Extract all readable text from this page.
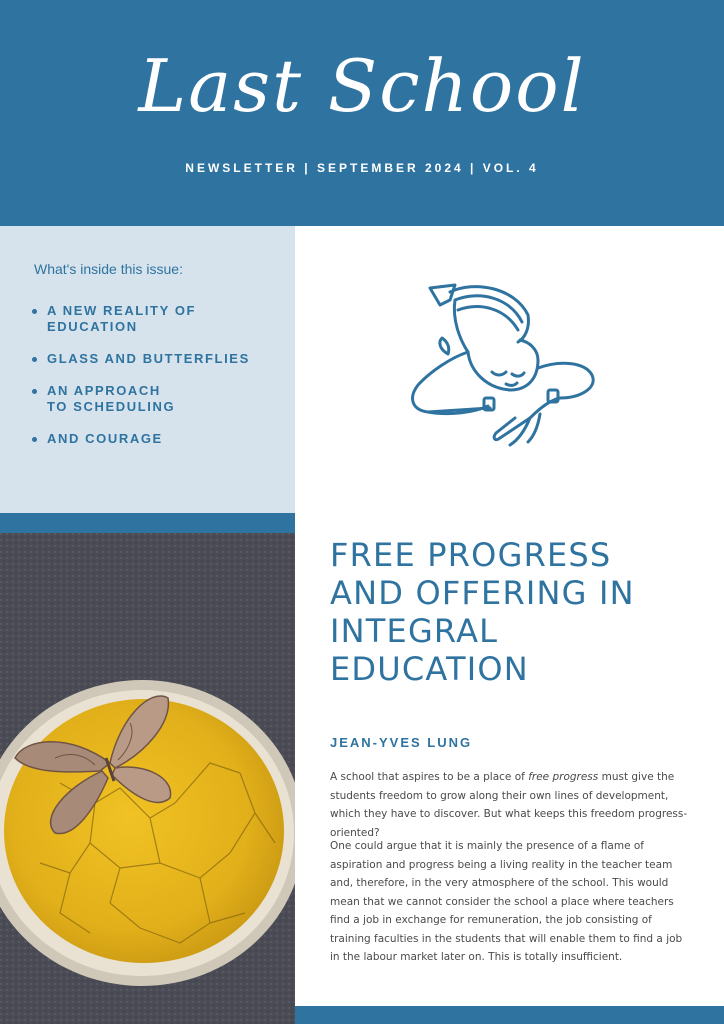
Last School
NEWSLETTER | SEPTEMBER 2024 | VOL. 4
What's inside this issue:
A NEW REALITY OF
EDUCATION
GLASS AND BUTTERFLIES
AN APPROACH
TO SCHEDULING
AND COURAGE
FREE PROGRESS
AND OFFERING IN
INTEGRAL
EDUCATION
JEAN-YVES LUNG

A school that aspires to be a place of free progress must give the students freedom to grow along their own lines of development, which they have to discover. But what keeps this freedom progress-oriented?

One could argue that it is mainly the presence of a flame of aspiration and progress being a living reality in the teacher team and, therefore, in the very atmosphere of the school. This would mean that we cannot consider the school a place where teachers find a job in exchange for remuneration, the job consisting of training faculties in the students that will enable them to find a job in the labour market later on. This is totally insufficient.
